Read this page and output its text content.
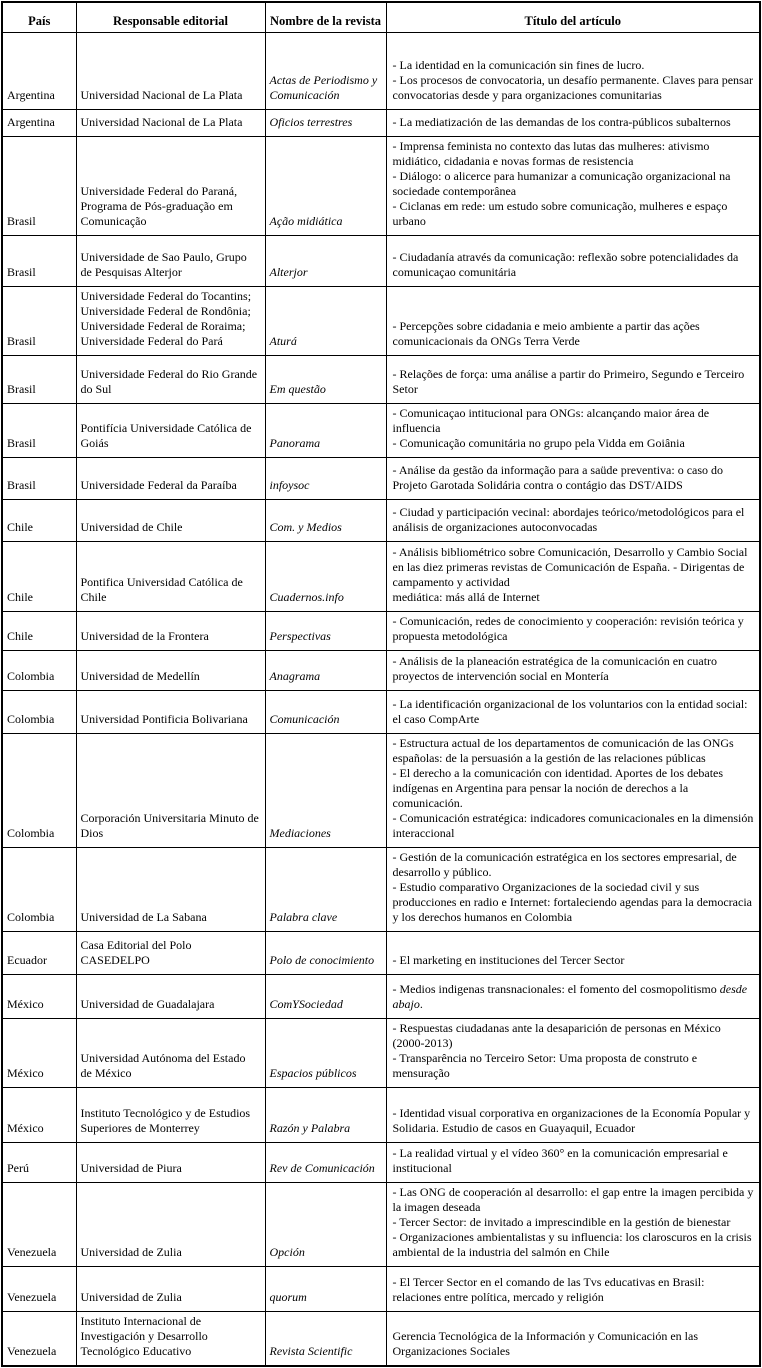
País	Responsable editorial	Nombre de la revista	Título del artículo
Argentina	Universidad Nacional de La Plata	Actas de Periodismo y Comunicación	- La identidad en la comunicación sin fines de lucro.
- Los procesos de convocatoria, un desafío permanente. Claves para pensar convocatorias desde y para organizaciones comunitarias

Argentina	Universidad Nacional de La Plata	Oficios terrestres	- La mediatización de las demandas de los contra-públicos subalternos

Brasil	Universidade Federal do Paraná,
Programa de Pós-graduação em
Comunicação	Ação midiática	
- Imprensa feminista no contexto das lutas das mulheres: ativismo midiático, cidadania e novas formas de resistencia
- Diálogo: o alicerce para humanizar a comunicação organizacional na sociedade contemporânea
- Ciclanas em rede: um estudo sobre comunicação, mulheres e espaço urbano

Brasil	Universidade de Sao Paulo, Grupo
de Pesquisas Alterjor	Alterjor	- Ciudadanía através da comunicação: reflexão sobre potencialidades da comunicaçao comunitária

Brasil	Universidade Federal do Tocantins;
Universidade Federal de Rondônia;
Universidade Federal de Roraima;
Universidade Federal do Pará	Aturá	- Percepções sobre cidadania e meio ambiente a partir das ações comunicacionais da ONGs Terra Verde

Brasil	Universidade Federal do Rio Grande
do Sul	Em questão	- Relações de força: uma análise a partir do Primeiro, Segundo e Terceiro Setor

Brasil	Pontifícia Universidade Católica de
Goiás	Panorama	
- Comunicaçao intitucional para ONGs: alcançando maior área de influencia
- Comunicação comunitária no grupo pela Vidda em Goiânia

Brasil	Universidade Federal da Paraíba	infoysoc	- Análise da gestão da informação para a saüde preventiva: o caso do Projeto Garotada Solidária contra o contágio das DST/AIDS

Chile	Universidad de Chile	Com. y Medios	- Ciudad y participación vecinal: abordajes teórico/metodológicos para el análisis de organizaciones autoconvocadas

Chile	Pontifica Universidad Católica de
Chile	Cuadernos.info	
- Análisis bibliométrico sobre Comunicación, Desarrollo y Cambio Social en las diez primeras revistas de Comunicación de España. - Dirigentas de campamento y actividad
mediática: más allá de Internet

Chile	Universidad de la Frontera	Perspectivas	- Comunicación, redes de conocimiento y cooperación: revisión teórica y propuesta metodológica

Colombia	Universidad de Medellín	Anagrama	- Análisis de la planeación estratégica de la comunicación en cuatro proyectos de intervención social en Montería

Colombia	Universidad Pontificia Bolivariana	Comunicación	- La identificación organizacional de los voluntarios con la entidad social: el caso CompArte

Colombia	Corporación Universitaria Minuto de
Dios	Mediaciones	
- Estructura actual de los departamentos de comunicación de las ONGs españolas: de la persuasión a la gestión de las relaciones públicas
- El derecho a la comunicación con identidad. Aportes de los debates indígenas en Argentina para pensar la noción de derechos a la comunicación.
- Comunicación estratégica: indicadores comunicacionales en la dimensión interaccional

Colombia	Universidad de La Sabana	Palabra clave	- Gestión de la comunicación estratégica en los sectores empresarial, de desarrollo y público.
- Estudio comparativo Organizaciones de la sociedad civil y sus producciones en radio e Internet: fortaleciendo agendas para la democracia y los derechos humanos en Colombia

Ecuador	Casa Editorial del Polo
CASEDELPO	Polo de conocimiento	- El marketing en instituciones del Tercer Sector

México	Universidad de Guadalajara	ComYSociedad	- Medios indigenas transnacionales: el fomento del cosmopolitismo desde abajo.

México	Universidad Autónoma del Estado
de México	Espacios públicos	
- Respuestas ciudadanas ante la desaparición de personas en México (2000-2013)
- Transparência no Terceiro Setor: Uma proposta de construto e mensuração

México	Instituto Tecnológico y de Estudios
Superiores de Monterrey	Razón y Palabra	- Identidad visual corporativa en organizaciones de la Economía Popular y Solidaria. Estudio de casos en Guayaquil, Ecuador

Perú	Universidad de Piura	Rev de Comunicación	- La realidad virtual y el vídeo 360° en la comunicación empresarial e institucional

Venezuela	Universidad de Zulia	Opción	- Las ONG de cooperación al desarrollo: el gap entre la imagen percibida y la imagen deseada
- Tercer Sector: de invitado a imprescindible en la gestión de bienestar
- Organizaciones ambientalistas y su influencia: los claroscuros en la crisis ambiental de la industria del salmón en Chile

Venezuela	Universidad de Zulia	quorum	- El Tercer Sector en el comando de las Tvs educativas en Brasil: relaciones entre política, mercado y religión

Venezuela	Instituto Internacional de
Investigación y Desarrollo
Tecnológico Educativo	Revista Scientific	Gerencia Tecnológica de la Información y Comunicación en las Organizaciones Sociales
